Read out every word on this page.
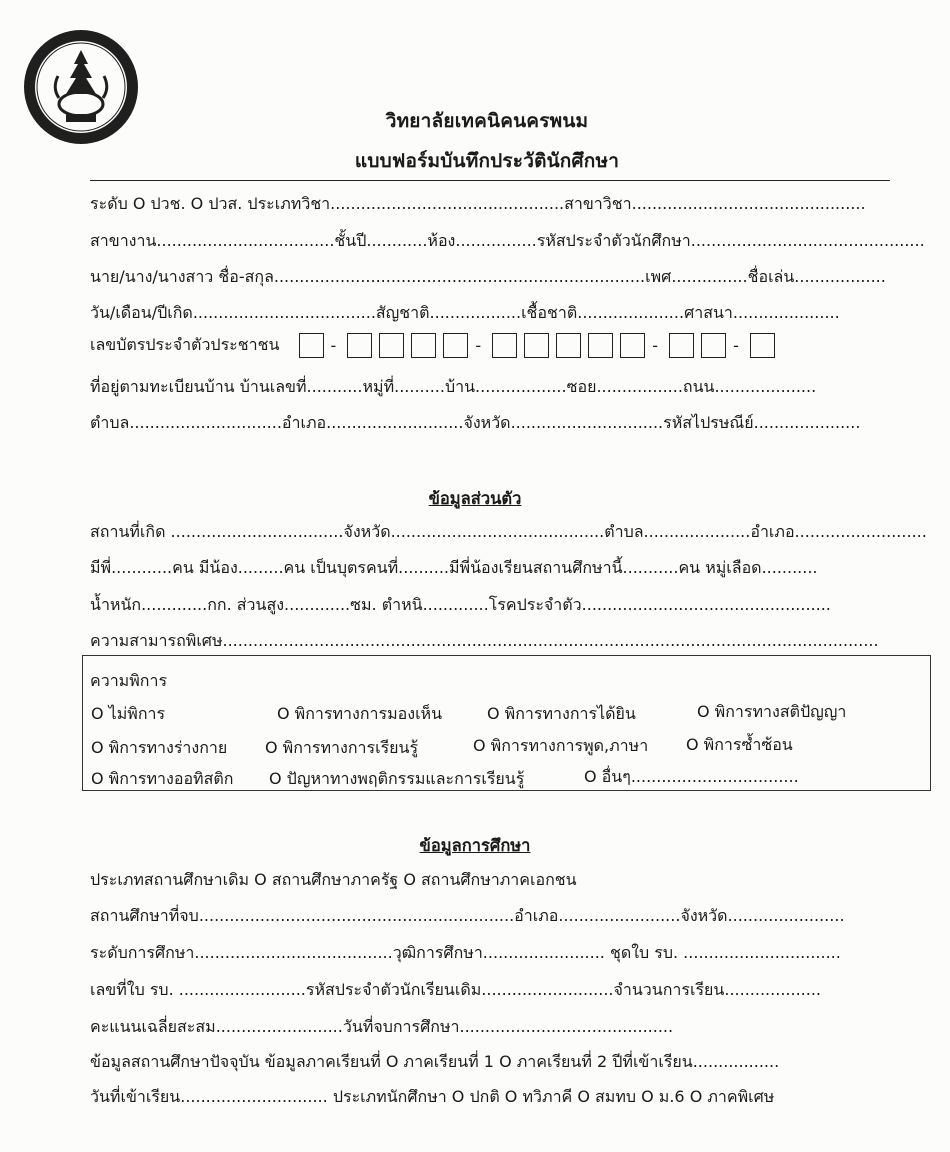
วิทยาลัยเทคนิคนครพนม
แบบฟอร์มบันทึกประวัตินักศึกษา
ระดับ O ปวช. O ปวส. ประเภทวิชา..............................................สาขาวิชา..............................................
สาขางาน...................................ชั้นปี............ห้อง................รหัสประจำตัวนักศึกษา..............................................
นาย/นาง/นางสาว ชื่อ-สกุล.........................................................................เพศ...............ชื่อเล่น..................
วัน/เดือน/ปีเกิด....................................สัญชาติ..................เชื้อชาติ.....................ศาสนา.....................
เลขบัตรประจำตัวประชาชน	-	-	-	-
ที่อยู่ตามทะเบียนบ้าน บ้านเลขที่...........หมู่ที่..........บ้าน..................ซอย.................ถนน....................
ตำบล..............................อำเภอ...........................จังหวัด..............................รหัสไปรษณีย์.....................
ข้อมูลส่วนตัว
สถานที่เกิด ..................................จังหวัด..........................................ตำบล.....................อำเภอ..........................
มีพี่............คน มีน้อง.........คน เป็นบุตรคนที่..........มีพี่น้องเรียนสถานศึกษานี้...........คน หมู่เลือด...........
น้ำหนัก.............กก. ส่วนสูง.............ซม. ตำหนิ.............โรคประจำตัว.................................................
ความสามารถพิเศษ.................................................................................................................................
ความพิการ
O ไม่พิการ	O พิการทางการมองเห็น	O พิการทางการได้ยิน	O พิการทางสติปัญญา
O พิการทางร่างกาย O พิการทางการเรียนรู้	O พิการทางการพูด,ภาษา O พิการซ้ำซ้อน
O พิการทางออทิสติก O ปัญหาทางพฤติกรรมและการเรียนรู้	O อื่นๆ.................................
ข้อมูลการศึกษา
ประเภทสถานศึกษาเดิม O สถานศึกษาภาครัฐ O สถานศึกษาภาคเอกชน
สถานศึกษาที่จบ..............................................................อำเภอ........................จังหวัด.......................
ระดับการศึกษา.......................................วุฒิการศึกษา........................ ชุดใบ รบ. ...............................
เลขที่ใบ รบ. .........................รหัสประจำตัวนักเรียนเดิม..........................จำนวนการเรียน...................
คะแนนเฉลี่ยสะสม.........................วันที่จบการศึกษา..........................................
ข้อมูลสถานศึกษาปัจจุบัน ข้อมูลภาคเรียนที่ O ภาคเรียนที่ 1 O ภาคเรียนที่ 2 ปีที่เข้าเรียน.................
วันที่เข้าเรียน............................. ประเภทนักศึกษา O ปกติ O ทวิภาคี O สมทบ O ม.6 O ภาคพิเศษ
